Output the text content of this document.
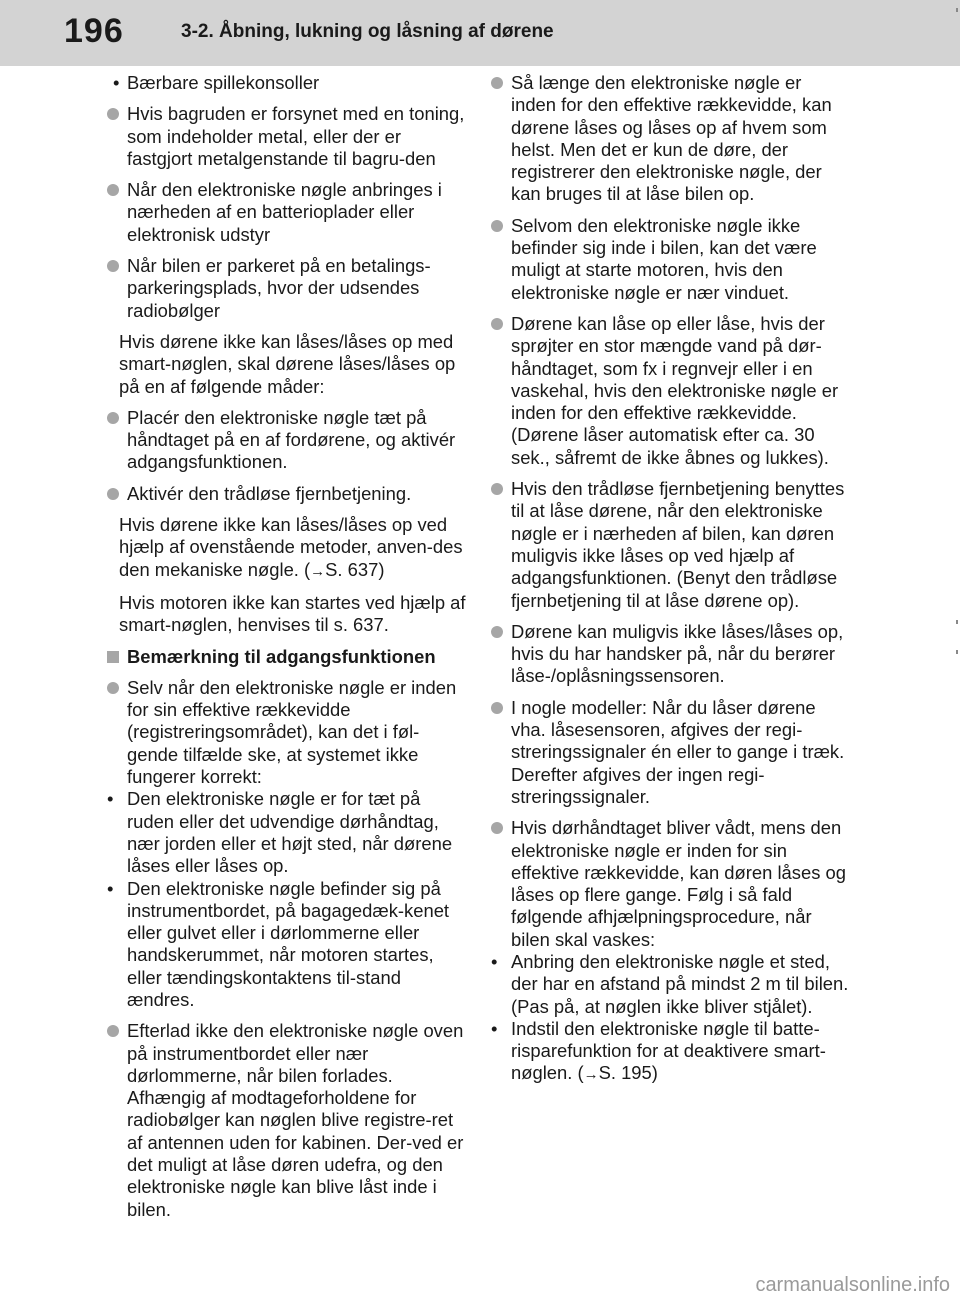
196	3-2. Åbning, lukning og låsning af dørene
• Bærbare spillekonsoller
Hvis bagruden er forsynet med en toning, som indeholder metal, eller der er fastgjort metalgenstande til bagru-den
Når den elektroniske nøgle anbringes i nærheden af en batterioplader eller elektronisk udstyr
Når bilen er parkeret på en betalings-parkeringsplads, hvor der udsendes radiobølger
Hvis dørene ikke kan låses/låses op med smart-nøglen, skal dørene låses/låses op på en af følgende måder:
Placér den elektroniske nøgle tæt på håndtaget på en af fordørene, og aktivér adgangsfunktionen.
Aktivér den trådløse fjernbetjening.
Hvis dørene ikke kan låses/låses op ved hjælp af ovenstående metoder, anven-des den mekaniske nøgle. (→S. 637)
Hvis motoren ikke kan startes ved hjælp af smart-nøglen, henvises til s. 637.
Bemærkning til adgangsfunktionen
Selv når den elektroniske nøgle er inden for sin effektive rækkevidde (registreringsområdet), kan det i føl-gende tilfælde ske, at systemet ikke fungerer korrekt:
• Den elektroniske nøgle er for tæt på ruden eller det udvendige dørhåndtag, nær jorden eller et højt sted, når dørene låses eller låses op.
• Den elektroniske nøgle befinder sig på instrumentbordet, på bagagedæk-kenet eller gulvet eller i dørlommerne eller handskerummet, når motoren startes, eller tændingskontaktens til-stand ændres.
Efterlad ikke den elektroniske nøgle oven på instrumentbordet eller nær dørlommerne, når bilen forlades. Afhængig af modtageforholdene for radiobølger kan nøglen blive registre-ret af antennen uden for kabinen. Der-ved er det muligt at låse døren udefra, og den elektroniske nøgle kan blive låst inde i bilen.
Så længe den elektroniske nøgle er inden for den effektive rækkevidde, kan dørene låses og låses op af hvem som helst. Men det er kun de døre, der registrerer den elektroniske nøgle, der kan bruges til at låse bilen op.
Selvom den elektroniske nøgle ikke befinder sig inde i bilen, kan det være muligt at starte motoren, hvis den elektroniske nøgle er nær vinduet.
Dørene kan låse op eller låse, hvis der sprøjter en stor mængde vand på dør-håndtaget, som fx i regnvejr eller i en vaskehal, hvis den elektroniske nøgle er inden for den effektive rækkevidde. (Dørene låser automatisk efter ca. 30 sek., såfremt de ikke åbnes og lukkes).
Hvis den trådløse fjernbetjening benyttes til at låse dørene, når den elektroniske nøgle er i nærheden af bilen, kan døren muligvis ikke låses op ved hjælp af adgangsfunktionen. (Benyt den trådløse fjernbetjening til at låse dørene op).
Dørene kan muligvis ikke låses/låses op, hvis du har handsker på, når du berører låse-/oplåsningssensoren.
I nogle modeller: Når du låser dørene vha. låsesensoren, afgives der regi-streringssignaler én eller to gange i træk. Derefter afgives der ingen regi-streringssignaler.
Hvis dørhåndtaget bliver vådt, mens den elektroniske nøgle er inden for sin effektive rækkevidde, kan døren låses og låses op flere gange. Følg i så fald følgende afhjælpningsprocedure, når bilen skal vaskes:
• Anbring den elektroniske nøgle et sted, der har en afstand på mindst 2 m til bilen. (Pas på, at nøglen ikke bliver stjålet).
• Indstil den elektroniske nøgle til batte-risparefunktion for at deaktivere smart-nøglen. (→S. 195)
carmanualsonline.info
